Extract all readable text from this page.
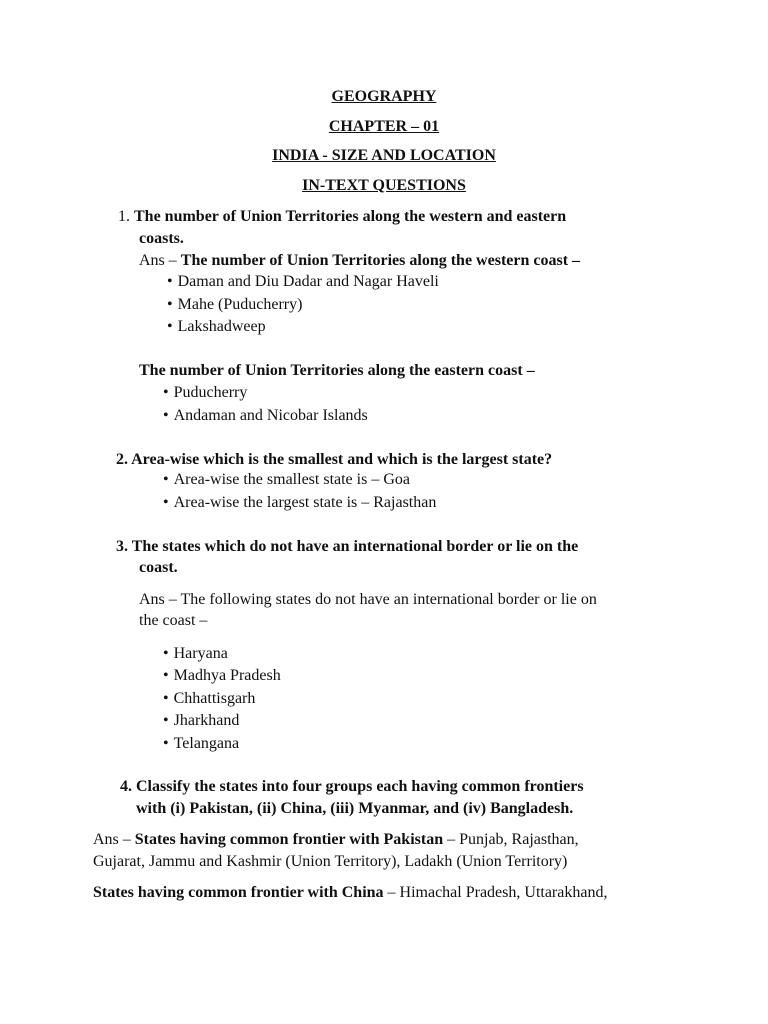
GEOGRAPHY

CHAPTER – 01

INDIA - SIZE AND LOCATION

IN-TEXT QUESTIONS

1. The number of Union Territories along the western and eastern

coasts.

Ans – The number of Union Territories along the western coast –

• Daman and Diu Dadar and Nagar Haveli
• Mahe (Puducherry)
• Lakshadweep

The number of Union Territories along the eastern coast –

• Puducherry
• Andaman and Nicobar Islands

2. Area-wise which is the smallest and which is the largest state?

• Area-wise the smallest state is – Goa
• Area-wise the largest state is – Rajasthan

3. The states which do not have an international border or lie on the

coast.

Ans – The following states do not have an international border or lie on

the coast –

• Haryana
• Madhya Pradesh
• Chhattisgarh
• Jharkhand
• Telangana

4. Classify the states into four groups each having common frontiers

with (i) Pakistan, (ii) China, (iii) Myanmar, and (iv) Bangladesh.

Ans – States having common frontier with Pakistan – Punjab, Rajasthan,

Gujarat, Jammu and Kashmir (Union Territory), Ladakh (Union Territory)

States having common frontier with China – Himachal Pradesh, Uttarakhand,
